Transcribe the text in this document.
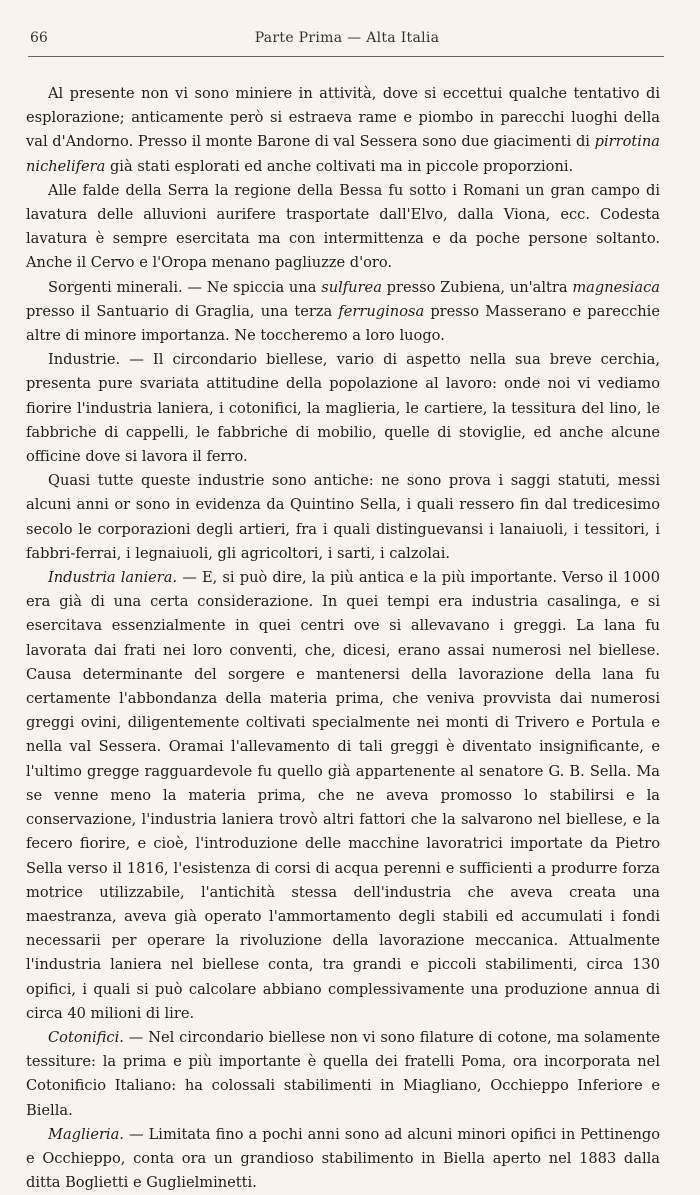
66	Parte Prima — Alta Italia

Al presente non vi sono miniere in attività, dove si eccettui qualche tentativo di esplorazione; anticamente però si estraeva rame e piombo in parecchi luoghi della val d'Andorno. Presso il monte Barone di val Sessera sono due giacimenti di pirrotina nichelifera già stati esplorati ed anche coltivati ma in piccole proporzioni.

Alle falde della Serra la regione della Bessa fu sotto i Romani un gran campo di lavatura delle alluvioni aurifere trasportate dall'Elvo, dalla Viona, ecc. Codesta lavatura è sempre esercitata ma con intermittenza e da poche persone soltanto. Anche il Cervo e l'Oropa menano pagliuzze d'oro.

Sorgenti minerali. — Ne spiccia una sulfurea presso Zubiena, un'altra magnesiaca presso il Santuario di Graglia, una terza ferruginosa presso Masserano e parecchie altre di minore importanza. Ne toccheremo a loro luogo.

Industrie. — Il circondario biellese, vario di aspetto nella sua breve cerchia, presenta pure svariata attitudine della popolazione al lavoro: onde noi vi vediamo fiorire l'industria laniera, i cotonifici, la maglieria, le cartiere, la tessitura del lino, le fabbriche di cappelli, le fabbriche di mobilio, quelle di stoviglie, ed anche alcune officine dove si lavora il ferro.

Quasi tutte queste industrie sono antiche: ne sono prova i saggi statuti, messi alcuni anni or sono in evidenza da Quintino Sella, i quali ressero fin dal tredicesimo secolo le corporazioni degli artieri, fra i quali distinguevansi i lanaiuoli, i tessitori, i fabbri-ferrai, i legnaiuoli, gli agricoltori, i sarti, i calzolai.

Industria laniera. — E, si può dire, la più antica e la più importante. Verso il 1000 era già di una certa considerazione. In quei tempi era industria casalinga, e si esercitava essenzialmente in quei centri ove si allevavano i greggi. La lana fu lavorata dai frati nei loro conventi, che, dicesi, erano assai numerosi nel biellese. Causa determinante del sorgere e mantenersi della lavorazione della lana fu certamente l'abbondanza della materia prima, che veniva provvista dai numerosi greggi ovini, diligentemente coltivati specialmente nei monti di Trivero e Portula e nella val Sessera. Oramai l'allevamento di tali greggi è diventato insignificante, e l'ultimo gregge ragguardevole fu quello già appartenente al senatore G. B. Sella. Ma se venne meno la materia prima, che ne aveva promosso lo stabilirsi e la conservazione, l'industria laniera trovò altri fattori che la salvarono nel biellese, e la fecero fiorire, e cioè, l'introduzione delle macchine lavoratrici importate da Pietro Sella verso il 1816, l'esistenza di corsi di acqua perenni e sufficienti a produrre forza motrice utilizzabile, l'antichità stessa dell'industria che aveva creata una maestranza, aveva già operato l'ammortamento degli stabili ed accumulati i fondi necessarii per operare la rivoluzione della lavorazione meccanica. Attualmente l'industria laniera nel biellese conta, tra grandi e piccoli stabilimenti, circa 130 opifici, i quali si può calcolare abbiano complessivamente una produzione annua di circa 40 milioni di lire.

Cotonifici. — Nel circondario biellese non vi sono filature di cotone, ma solamente tessiture: la prima e più importante è quella dei fratelli Poma, ora incorporata nel Cotonificio Italiano: ha colossali stabilimenti in Miagliano, Occhieppo Inferiore e Biella.

Maglieria. — Limitata fino a pochi anni sono ad alcuni minori opifici in Pettinengo e Occhieppo, conta ora un grandioso stabilimento in Biella aperto nel 1883 dalla ditta Boglietti e Guglielminetti.
